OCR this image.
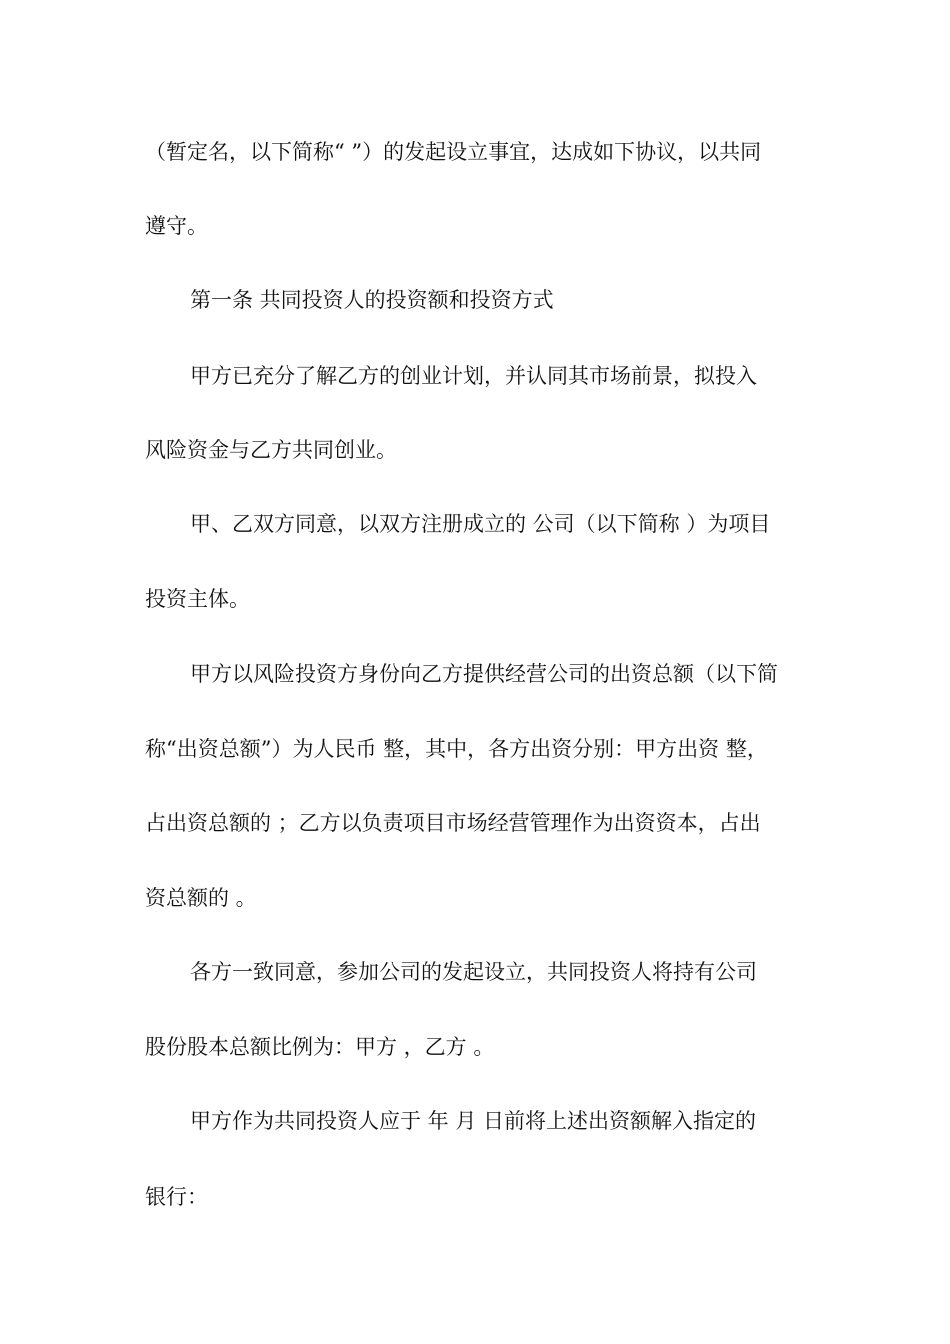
（暂定名，以下简称“ ”）的发起设立事宜，达成如下协议，以共同
遵守。
第一条 共同投资人的投资额和投资方式
甲方已充分了解乙方的创业计划，并认同其市场前景，拟投入
风险资金与乙方共同创业。
甲、乙双方同意，以双方注册成立的 公司（以下简称 ）为项目
投资主体。
甲方以风险投资方身份向乙方提供经营公司的出资总额（以下简
称“出资总额”）为人民币 整，其中，各方出资分别：甲方出资 整，
占出资总额的 ；乙方以负责项目市场经营管理作为出资资本，占出
资总额的 。
各方一致同意，参加公司的发起设立，共同投资人将持有公司
股份股本总额比例为：甲方 ，乙方 。
甲方作为共同投资人应于 年 月 日前将上述出资额解入指定的
银行：
